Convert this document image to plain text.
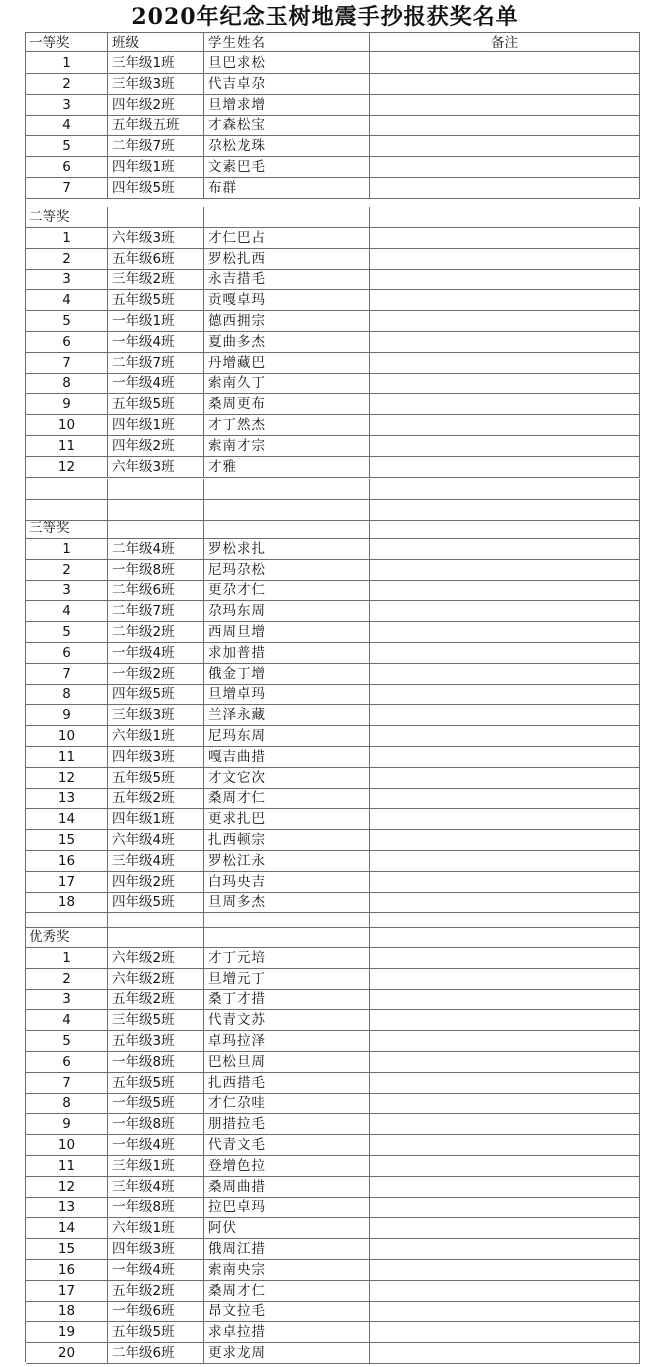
2020年纪念玉树地震手抄报获奖名单
一等奖	班级	学生姓名	备注
1	三年级1班	旦巴求松
2	三年级3班	代吉卓尕
3	四年级2班	旦增求增
4	五年级五班	才森松宝
5	二年级7班	尕松龙珠
6	四年级1班	文素巴毛
7	四年级5班	布群
二等奖
1	六年级3班	才仁巴占
2	五年级6班	罗松扎西
3	三年级2班	永吉措毛
4	五年级5班	贡嘎卓玛
5	一年级1班	德西拥宗
6	一年级4班	夏曲多杰
7	二年级7班	丹增藏巴
8	一年级4班	索南久丁
9	五年级5班	桑周更布
10	四年级1班	才丁然杰
11	四年级2班	索南才宗
12	六年级3班	才雅
三等奖
1	二年级4班	罗松求扎
2	一年级8班	尼玛尕松
3	二年级6班	更尕才仁
4	二年级7班	尕玛东周
5	二年级2班	西周旦增
6	一年级4班	求加普措
7	一年级2班	俄金丁增
8	四年级5班	旦增卓玛
9	三年级3班	兰泽永藏
10	六年级1班	尼玛东周
11	四年级3班	嘎吉曲措
12	五年级5班	才文它次
13	五年级2班	桑周才仁
14	四年级1班	更求扎巴
15	六年级4班	扎西顿宗
16	三年级4班	罗松江永
17	四年级2班	白玛央吉
18	四年级5班	旦周多杰
优秀奖
1	六年级2班	才丁元培
2	六年级2班	旦增元丁
3	五年级2班	桑丁才措
4	三年级5班	代青文苏
5	五年级3班	卓玛拉泽
6	一年级8班	巴松旦周
7	五年级5班	扎西措毛
8	一年级5班	才仁尕哇
9	一年级8班	朋措拉毛
10	一年级4班	代青文毛
11	三年级1班	登增色拉
12	三年级4班	桑周曲措
13	一年级8班	拉巴卓玛
14	六年级1班	阿伏
15	四年级3班	俄周江措
16	一年级4班	索南央宗
17	五年级2班	桑周才仁
18	一年级6班	昂文拉毛
19	五年级5班	求卓拉措
20	二年级6班	更求龙周
